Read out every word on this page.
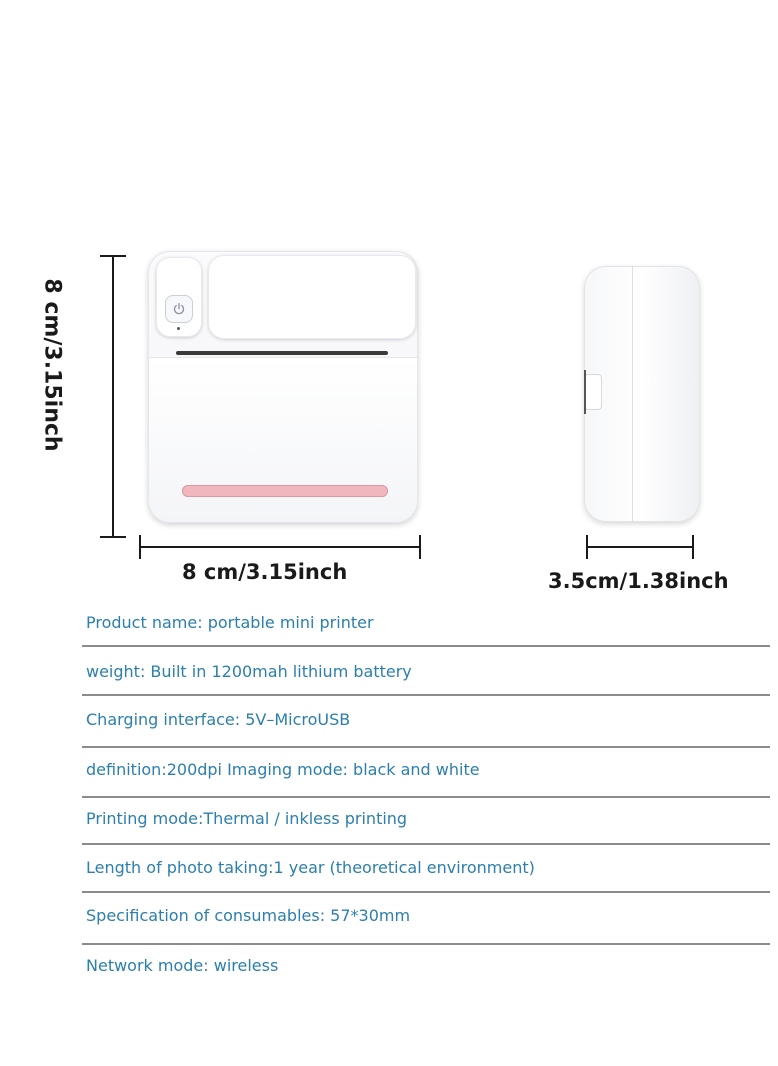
8 cm/3.15inch
8 cm/3.15inch	3.5cm/1.38inch
Product name: portable mini printer
weight: Built in 1200mah lithium battery
Charging interface: 5V–MicroUSB
definition:200dpi Imaging mode: black and white
Printing mode:Thermal / inkless printing
Length of photo taking:1 year (theoretical environment)
Specification of consumables: 57*30mm
Network mode: wireless
